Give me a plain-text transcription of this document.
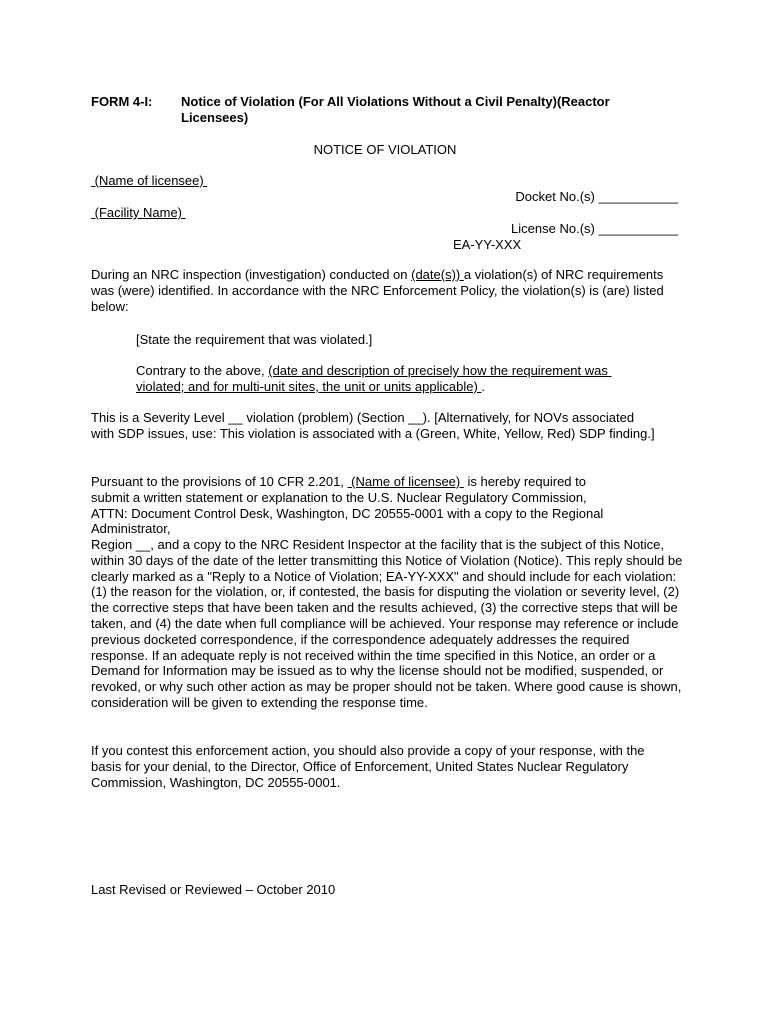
FORM 4-I: Notice of Violation (For All Violations Without a Civil Penalty)(Reactor
Licensees)
NOTICE OF VIOLATION
(Name of licensee)
Docket No.(s) ___________
(Facility Name)
License No.(s) ___________
EA-YY-XXX
During an NRC inspection (investigation) conducted on (date(s)) a violation(s) of NRC requirements was (were) identified. In accordance with the NRC Enforcement Policy, the violation(s) is (are) listed below:
[State the requirement that was violated.]
Contrary to the above, (date and description of precisely how the requirement was violated; and for multi-unit sites, the unit or units applicable) .
This is a Severity Level __ violation (problem) (Section __). [Alternatively, for NOVs associated with SDP issues, use: This violation is associated with a (Green, White, Yellow, Red) SDP finding.]
Pursuant to the provisions of 10 CFR 2.201,  (Name of licensee)  is hereby required to submit a written statement or explanation to the U.S. Nuclear Regulatory Commission, ATTN: Document Control Desk, Washington, DC 20555-0001 with a copy to the Regional Administrator,
Region __, and a copy to the NRC Resident Inspector at the facility that is the subject of this Notice, within 30 days of the date of the letter transmitting this Notice of Violation (Notice). This reply should be clearly marked as a "Reply to a Notice of Violation; EA-YY-XXX" and should include for each violation: (1) the reason for the violation, or, if contested, the basis for disputing the violation or severity level, (2) the corrective steps that have been taken and the results achieved, (3) the corrective steps that will be taken, and (4) the date when full compliance will be achieved. Your response may reference or include previous docketed correspondence, if the correspondence adequately addresses the required response. If an adequate reply is not received within the time specified in this Notice, an order or a Demand for Information may be issued as to why the license should not be modified, suspended, or revoked, or why such other action as may be proper should not be taken. Where good cause is shown, consideration will be given to extending the response time.
If you contest this enforcement action, you should also provide a copy of your response, with the basis for your denial, to the Director, Office of Enforcement, United States Nuclear Regulatory Commission, Washington, DC 20555-0001.
Last Revised or Reviewed – October 2010
